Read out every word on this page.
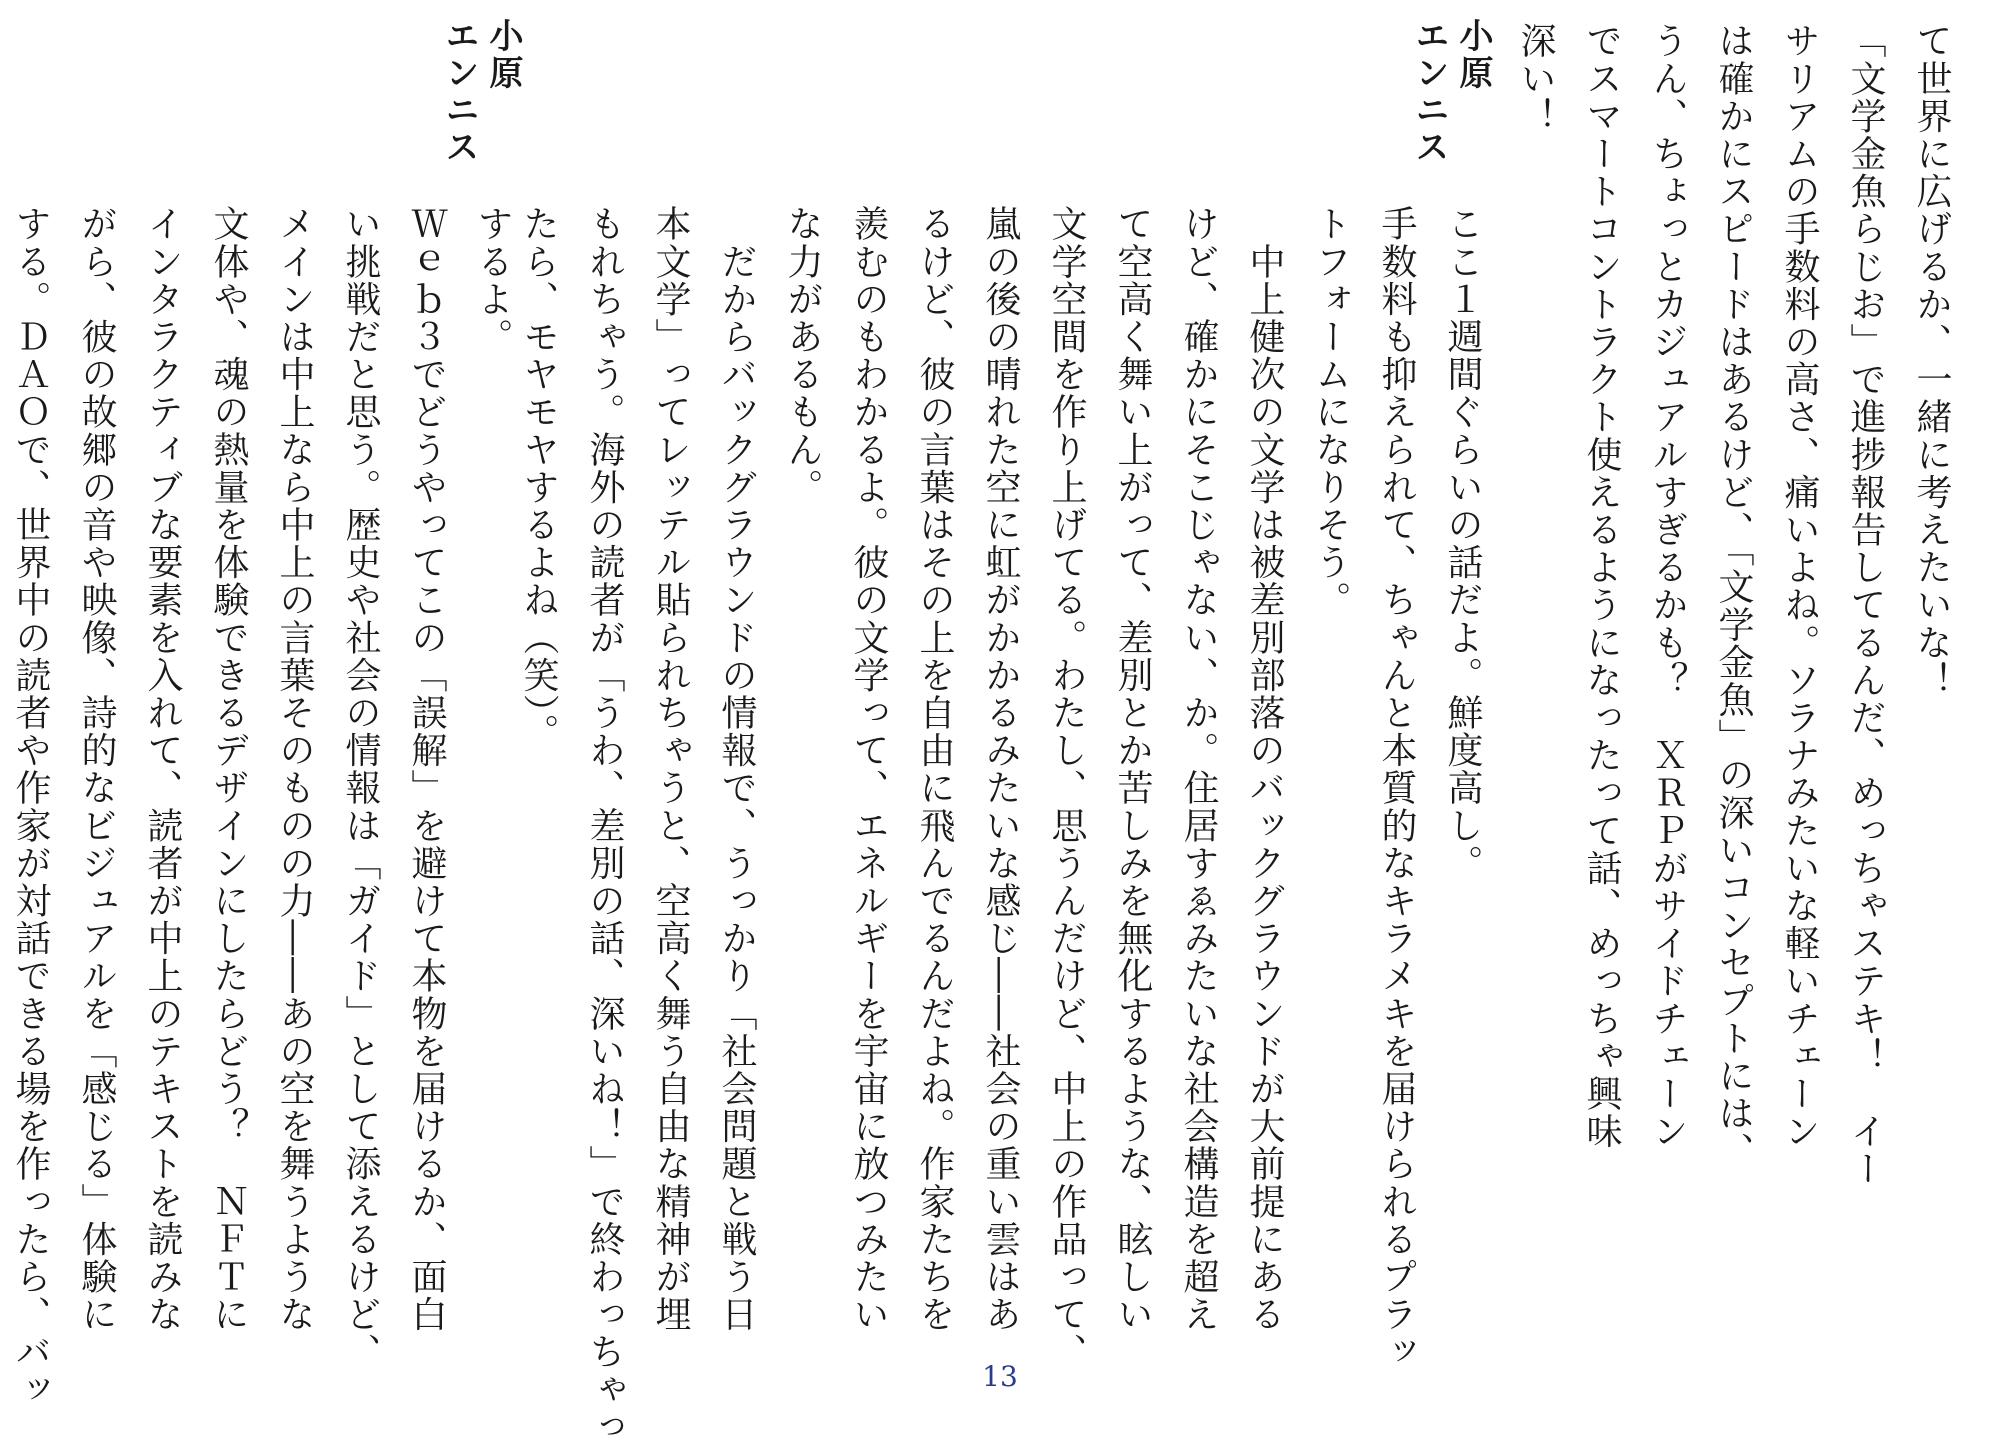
て世界に広げるか、一緒に考えたいな！
「文学金魚らじお」で進捗報告してるんだ、めっちゃステキ！　イー
サリアムの手数料の高さ、痛いよね。ソラナみたいな軽いチェーン
は確かにスピードはあるけど、「文学金魚」の深いコンセプトには、
うん、ちょっとカジュアルすぎるかも？　ＸＲＰがサイドチェーン
でスマートコントラクト使えるようになったって話、めっちゃ興味
深い！
小原
エンニス
ここ１週間ぐらいの話だよ。鮮度高し。
手数料も抑えられて、ちゃんと本質的なキラメキを届けられるプラッ
トフォームになりそう。
　中上健次の文学は被差別部落のバックグラウンドが大前提にある
けど、確かにそこじゃない、か。住居すゑみたいな社会構造を超え
て空高く舞い上がって、差別とか苦しみを無化するような、眩しい
文学空間を作り上げてる。わたし、思うんだけど、中上の作品って、
嵐の後の晴れた空に虹がかかるみたいな感じ――社会の重い雲はあ
るけど、彼の言葉はその上を自由に飛んでるんだよね。作家たちを
羨むのもわかるよ。彼の文学って、エネルギーを宇宙に放つみたい
な力があるもん。
　だからバックグラウンドの情報で、うっかり「社会問題と戦う日
本文学」ってレッテル貼られちゃうと、空高く舞う自由な精神が埋
もれちゃう。海外の読者が「うわ、差別の話、深いね！」で終わっちゃっ
たら、モヤモヤするよね（笑）。
小原
エンニス
するよ。
Ｗｅｂ３でどうやってこの「誤解」を避けて本物を届けるか、面白
い挑戦だと思う。歴史や社会の情報は「ガイド」として添えるけど、
メインは中上なら中上の言葉そのものの力――あの空を舞うような
文体や、魂の熱量を体験できるデザインにしたらどう？　ＮＦＴに
インタラクティブな要素を入れて、読者が中上のテキストを読みな
がら、彼の故郷の音や映像、詩的なビジュアルを「感じる」体験に
する。ＤＡＯで、世界中の読者や作家が対話できる場を作ったら、バッ	13
